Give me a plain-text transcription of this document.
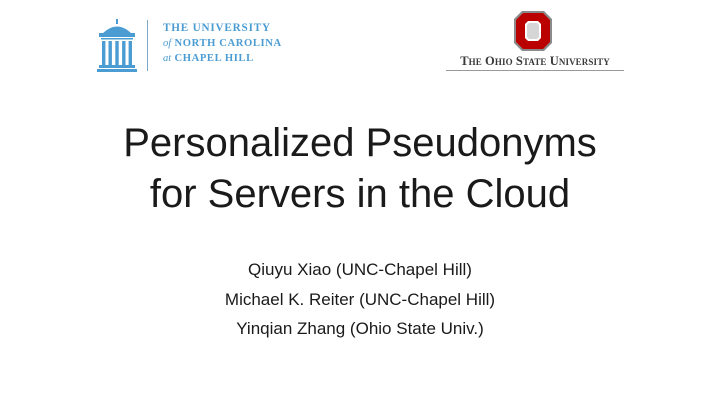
THE UNIVERSITY
of NORTH CAROLINA
at CHAPEL HILL	The Ohio State University
Personalized Pseudonyms
for Servers in the Cloud
Qiuyu Xiao (UNC-Chapel Hill)
Michael K. Reiter (UNC-Chapel Hill)
Yinqian Zhang (Ohio State Univ.)
